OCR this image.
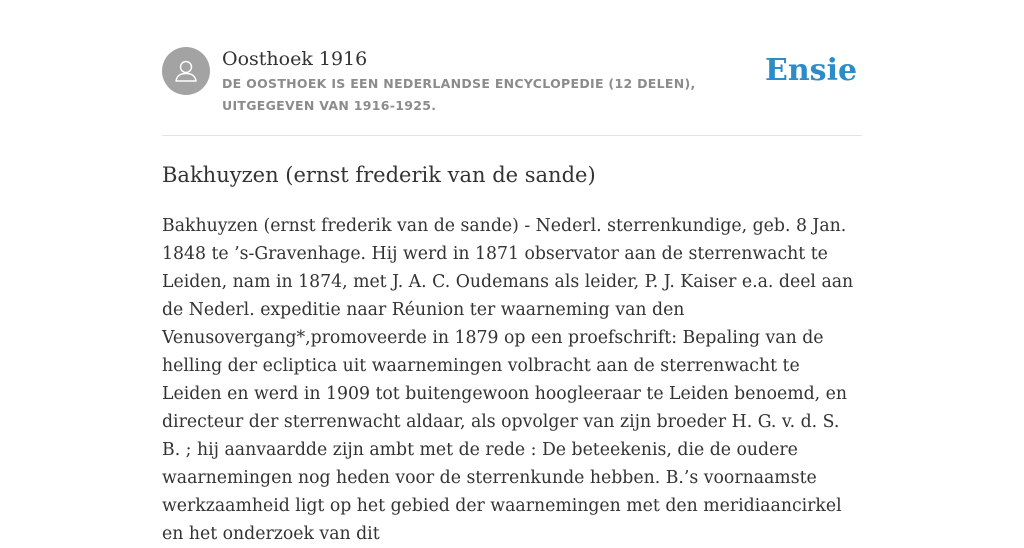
Oosthoek 1916
DE OOSTHOEK IS EEN NEDERLANDSE ENCYCLOPEDIE (12 DELEN), UITGEGEVEN VAN 1916-1925.
Ensie
Bakhuyzen (ernst frederik van de sande)

Bakhuyzen (ernst frederik van de sande) - Nederl. sterrenkundige, geb. 8 Jan. 1848 te ’s-Gravenhage. Hij werd in 1871 observator aan de sterrenwacht te Leiden, nam in 1874, met J. A. C. Oudemans als leider, P. J. Kaiser e.a. deel aan de Nederl. expeditie naar Réunion ter waarneming van den Venusovergang*,promoveerde in 1879 op een proefschrift: Bepaling van de helling der ecliptica uit waarnemingen volbracht aan de sterrenwacht te Leiden en werd in 1909 tot buitengewoon hoogleeraar te Leiden benoemd, en directeur der sterrenwacht aldaar, als opvolger van zijn broeder H. G. v. d. S. B. ; hij aanvaardde zijn ambt met de rede : De beteekenis, die de oudere waarnemingen nog heden voor de sterrenkunde hebben. B.’s voornaamste werkzaamheid ligt op het gebied der waarnemingen met den meridiaancirkel en het onderzoek van dit
